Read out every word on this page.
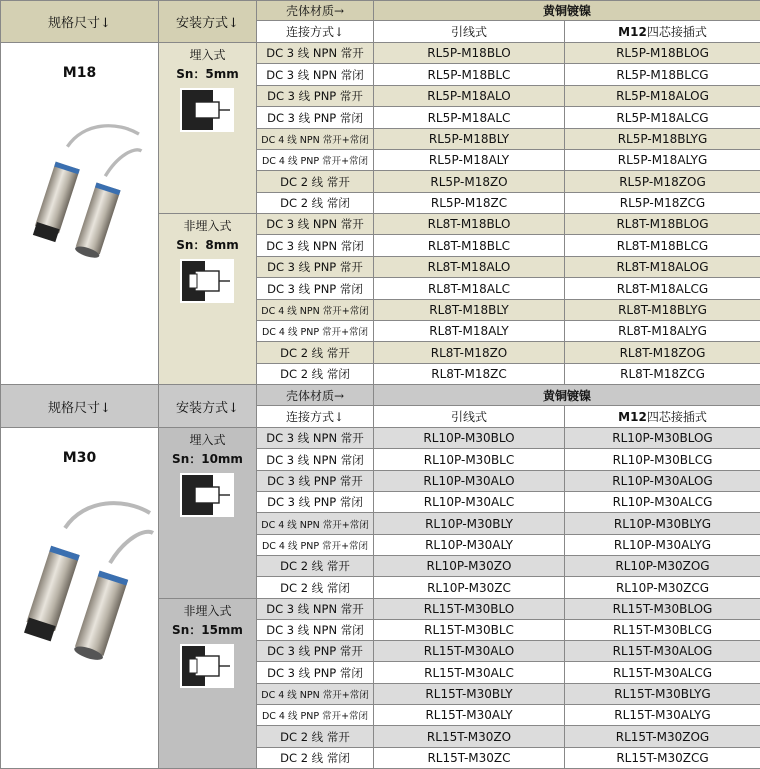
规格尺寸↓	安装方式↓
壳体材质→	黄铜镀镍
连接方式↓	引线式	M12 四芯接插式
M18
埋入式
Sn：5mm
DC 3 线 NPN 常开	RL5P-M18BLO	RL5P-M18BLOG
DC 3 线 NPN 常闭	RL5P-M18BLC	RL5P-M18BLCG
DC 3 线 PNP 常开	RL5P-M18ALO	RL5P-M18ALOG
DC 3 线 PNP 常闭	RL5P-M18ALC	RL5P-M18ALCG
DC 4 线 NPN 常开+常闭	RL5P-M18BLY	RL5P-M18BLYG
DC 4 线 PNP 常开+常闭	RL5P-M18ALY	RL5P-M18ALYG
DC 2 线 常开	RL5P-M18ZO	RL5P-M18ZOG
DC 2 线 常闭	RL5P-M18ZC	RL5P-M18ZCG
非埋入式
Sn：8mm
DC 3 线 NPN 常开	RL8T-M18BLO	RL8T-M18BLOG
DC 3 线 NPN 常闭	RL8T-M18BLC	RL8T-M18BLCG
DC 3 线 PNP 常开	RL8T-M18ALO	RL8T-M18ALOG
DC 3 线 PNP 常闭	RL8T-M18ALC	RL8T-M18ALCG
DC 4 线 NPN 常开+常闭	RL8T-M18BLY	RL8T-M18BLYG
DC 4 线 PNP 常开+常闭	RL8T-M18ALY	RL8T-M18ALYG
DC 2 线 常开	RL8T-M18ZO	RL8T-M18ZOG
DC 2 线 常闭	RL8T-M18ZC	RL8T-M18ZCG
规格尺寸↓	安装方式↓
壳体材质→	黄铜镀镍
连接方式↓	引线式	M12 四芯接插式
M30
埋入式
Sn：10mm
DC 3 线 NPN 常开	RL10P-M30BLO	RL10P-M30BLOG
DC 3 线 NPN 常闭	RL10P-M30BLC	RL10P-M30BLCG
DC 3 线 PNP 常开	RL10P-M30ALO	RL10P-M30ALOG
DC 3 线 PNP 常闭	RL10P-M30ALC	RL10P-M30ALCG
DC 4 线 NPN 常开+常闭	RL10P-M30BLY	RL10P-M30BLYG
DC 4 线 PNP 常开+常闭	RL10P-M30ALY	RL10P-M30ALYG
DC 2 线 常开	RL10P-M30ZO	RL10P-M30ZOG
DC 2 线 常闭	RL10P-M30ZC	RL10P-M30ZCG
非埋入式
Sn：15mm
DC 3 线 NPN 常开	RL15T-M30BLO	RL15T-M30BLOG
DC 3 线 NPN 常闭	RL15T-M30BLC	RL15T-M30BLCG
DC 3 线 PNP 常开	RL15T-M30ALO	RL15T-M30ALOG
DC 3 线 PNP 常闭	RL15T-M30ALC	RL15T-M30ALCG
DC 4 线 NPN 常开+常闭	RL15T-M30BLY	RL15T-M30BLYG
DC 4 线 PNP 常开+常闭	RL15T-M30ALY	RL15T-M30ALYG
DC 2 线 常开	RL15T-M30ZO	RL15T-M30ZOG
DC 2 线 常闭	RL15T-M30ZC	RL15T-M30ZCG
